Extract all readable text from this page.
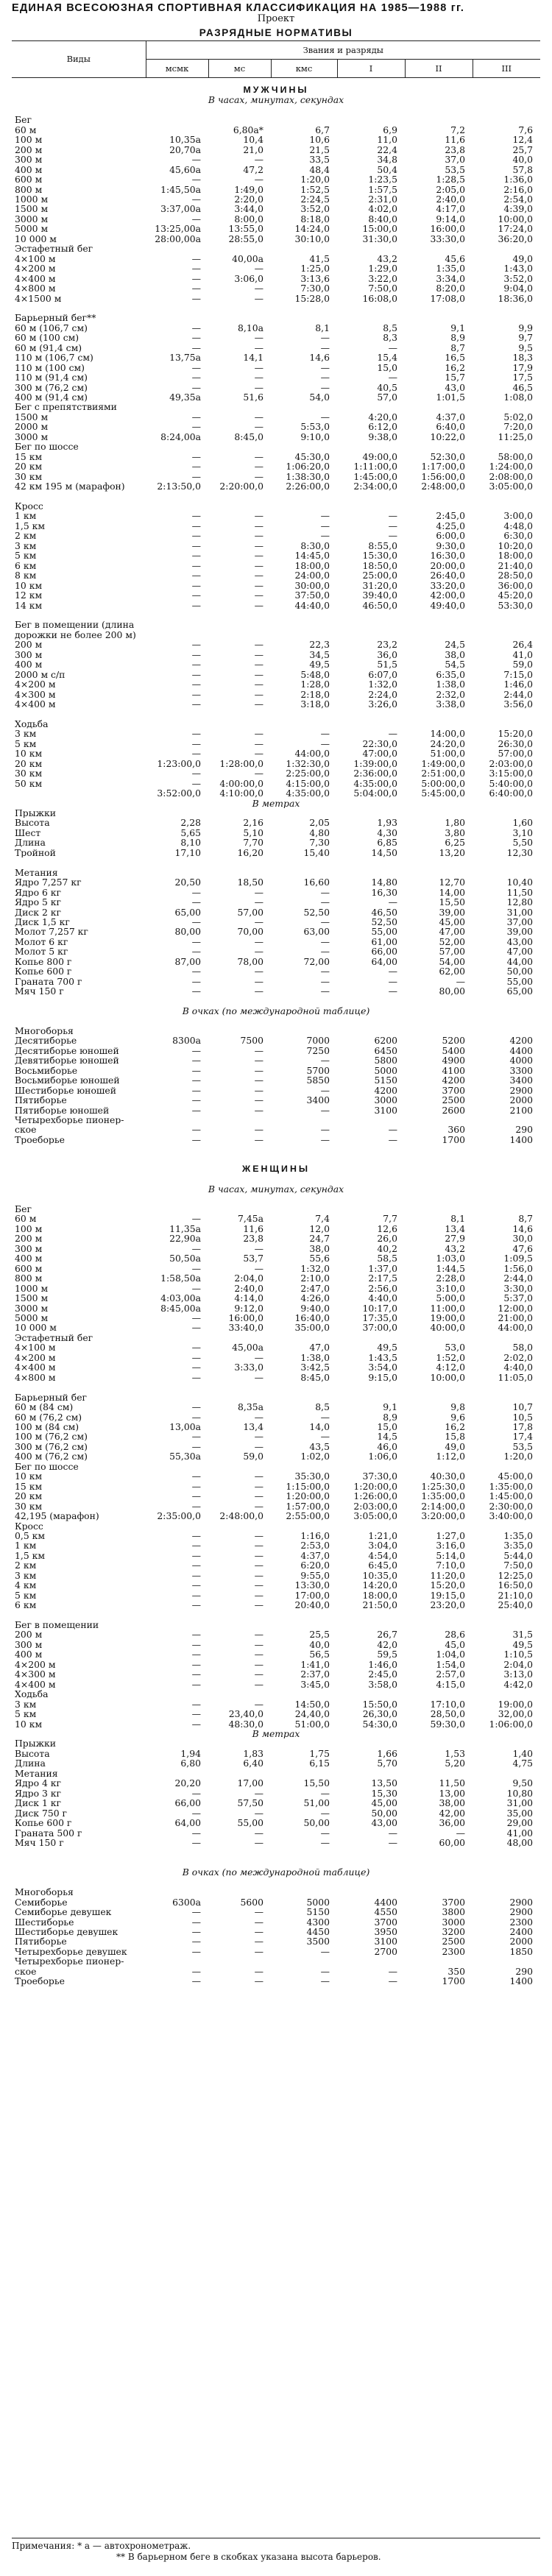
ЕДИНАЯ ВСЕСОЮЗНАЯ СПОРТИВНАЯ КЛАССИФИКАЦИЯ НА 1985—1988 гг.
Проект
РАЗРЯДНЫЕ НОРМАТИВЫ
Виды	Звания и разряды					
	мсмк	мс	кмс	I	II	III
МУЖЧИНЫ						
В часах, минутах, секундах						

Бег						
60 м		6,80а*	6,7	6,9	7,2	7,6
100 м	10,35а	10,4	10,6	11,0	11,6	12,4
200 м	20,70а	21,0	21,5	22,4	23,8	25,7
300 м	—	—	33,5	34,8	37,0	40,0
400 м	45,60а	47,2	48,4	50,4	53,5	57,8
600 м	—	—	1:20,0	1:23,5	1:28,5	1:36,0
800 м	1:45,50а	1:49,0	1:52,5	1:57,5	2:05,0	2:16,0
1000 м	—	2:20,0	2:24,5	2:31,0	2:40,0	2:54,0
1500 м	3:37,00а	3:44,0	3:52,0	4:02,0	4:17,0	4:39,0
3000 м	—	8:00,0	8:18,0	8:40,0	9:14,0	10:00,0
5000 м	13:25,00а	13:55,0	14:24,0	15:00,0	16:00,0	17:24,0
10 000 м	28:00,00а	28:55,0	30:10,0	31:30,0	33:30,0	36:20,0
Эстафетный бег						
4×100 м	—	40,00а	41,5	43,2	45,6	49,0
4×200 м	—	—	1:25,0	1:29,0	1:35,0	1:43,0
4×400 м	—	3:06,0	3:13,6	3:22,0	3:34,0	3:52,0
4×800 м	—	—	7:30,0	7:50,0	8:20,0	9:04,0
4×1500 м	—	—	15:28,0	16:08,0	17:08,0	18:36,0

Барьерный бег**						
60 м (106,7 см)	—	8,10а	8,1	8,5	9,1	9,9
60 м (100 см)	—	—	—	8,3	8,9	9,7
60 м (91,4 см)	—	—	—	—	8,7	9,5
110 м (106,7 см)	13,75а	14,1	14,6	15,4	16,5	18,3
110 м (100 см)	—	—	—	15,0	16,2	17,9
110 м (91,4 см)	—	—	—	—	15,7	17,5
300 м (76,2 см)	—	—	—	40,5	43,0	46,5
400 м (91,4 см)	49,35а	51,6	54,0	57,0	1:01,5	1:08,0
Бег с препятствиями						
1500 м	—	—	—	4:20,0	4:37,0	5:02,0
2000 м	—	—	5:53,0	6:12,0	6:40,0	7:20,0
3000 м	8:24,00а	8:45,0	9:10,0	9:38,0	10:22,0	11:25,0
Бег по шоссе						
15 км	—	—	45:30,0	49:00,0	52:30,0	58:00,0
20 км	—	—	1:06:20,0	1:11:00,0	1:17:00,0	1:24:00,0
30 км	—	—	1:38:30,0	1:45:00,0	1:56:00,0	2:08:00,0
42 км 195 м (марафон)	2:13:50,0	2:20:00,0	2:26:00,0	2:34:00,0	2:48:00,0	3:05:00,0

Кросс						
1 км	—	—	—	—	2:45,0	3:00,0
1,5 км	—	—	—	—	4:25,0	4:48,0
2 км	—	—	—	—	6:00,0	6:30,0
3 км	—	—	8:30,0	8:55,0	9:30,0	10:20,0
5 км	—	—	14:45,0	15:30,0	16:30,0	18:00,0
6 км	—	—	18:00,0	18:50,0	20:00,0	21:40,0
8 км	—	—	24:00,0	25:00,0	26:40,0	28:50,0
10 км	—	—	30:00,0	31:20,0	33:20,0	36:00,0
12 км	—	—	37:50,0	39:40,0	42:00,0	45:20,0
14 км	—	—	44:40,0	46:50,0	49:40,0	53:30,0

Бег в помещении (длина						
дорожки не более 200 м)						
200 м	—	—	22,3	23,2	24,5	26,4
300 м	—	—	34,5	36,0	38,0	41,0
400 м	—	—	49,5	51,5	54,5	59,0
2000 м с/п	—	—	5:48,0	6:07,0	6:35,0	7:15,0
4×200 м	—	—	1:28,0	1:32,0	1:38,0	1:46,0
4×300 м	—	—	2:18,0	2:24,0	2:32,0	2:44,0
4×400 м	—	—	3:18,0	3:26,0	3:38,0	3:56,0

Ходьба						
3 км	—	—	—	—	14:00,0	15:20,0
5 км	—	—	—	22:30,0	24:20,0	26:30,0
10 км	—	—	44:00,0	47:00,0	51:00,0	57:00,0
20 км	1:23:00,0	1:28:00,0	1:32:30,0	1:39:00,0	1:49:00,0	2:03:00,0
30 км	—	—	2:25:00,0	2:36:00,0	2:51:00,0	3:15:00,0
50 км	—	4:00:00,0	4:15:00,0	4:35:00,0	5:00:00,0	5:40:00,0
	3:52:00,0	4:10:00,0	4:35:00,0	5:04:00,0	5:45:00,0	6:40:00,0
В метрах						
Прыжки						
Высота	2,28	2,16	2,05	1,93	1,80	1,60
Шест	5,65	5,10	4,80	4,30	3,80	3,10
Длина	8,10	7,70	7,30	6,85	6,25	5,50
Тройной	17,10	16,20	15,40	14,50	13,20	12,30

Метания						
Ядро 7,257 кг	20,50	18,50	16,60	14,80	12,70	10,40
Ядро 6 кг	—	—	—	16,30	14,00	11,50
Ядро 5 кг	—	—	—	—	15,50	12,80
Диск 2 кг	65,00	57,00	52,50	46,50	39,00	31,00
Диск 1,5 кг	—	—	—	52,50	45,00	37,00
Молот 7,257 кг	80,00	70,00	63,00	55,00	47,00	39,00
Молот 6 кг	—	—	—	61,00	52,00	43,00
Молот 5 кг	—	—	—	66,00	57,00	47,00
Копье 800 г	87,00	78,00	72,00	64,00	54,00	44,00
Копье 600 г	—	—	—	—	62,00	50,00
Граната 700 г	—	—	—	—	—	55,00
Мяч 150 г	—	—	—	—	80,00	65,00

В очках (по международной таблице)						

Многоборья						
Десятиборье	8300а	7500	7000	6200	5200	4200
Десятиборье юношей	—	—	7250	6450	5400	4400
Девятиборье юношей	—	—	—	5800	4900	4000
Восьмиборье	—	—	5700	5000	4100	3300
Восьмиборье юношей	—	—	5850	5150	4200	3400
Шестиборье юношей	—	—	—	4200	3700	2900
Пятиборье	—	—	3400	3000	2500	2000
Пятиборье юношей	—	—	—	3100	2600	2100
Четырехборье пионер-						
ское	—	—	—	—	360	290
Троеборье	—	—	—	—	1700	1400

ЖЕНЩИНЫ						

В часах, минутах, секундах						

Бег						
60 м	—	7,45а	7,4	7,7	8,1	8,7
100 м	11,35а	11,6	12,0	12,6	13,4	14,6
200 м	22,90а	23,8	24,7	26,0	27,9	30,0
300 м	—	—	38,0	40,2	43,2	47,6
400 м	50,50а	53,7	55,6	58,5	1:03,0	1:09,5
600 м	—	—	1:32,0	1:37,0	1:44,5	1:56,0
800 м	1:58,50а	2:04,0	2:10,0	2:17,5	2:28,0	2:44,0
1000 м	—	2:40,0	2:47,0	2:56,0	3:10,0	3:30,0
1500 м	4:03,00а	4:14,0	4:26,0	4:40,0	5:00,0	5:37,0
3000 м	8:45,00а	9:12,0	9:40,0	10:17,0	11:00,0	12:00,0
5000 м	—	16:00,0	16:40,0	17:35,0	19:00,0	21:00,0
10 000 м	—	33:40,0	35:00,0	37:00,0	40:00,0	44:00,0
Эстафетный бег						
4×100 м	—	45,00а	47,0	49,5	53,0	58,0
4×200 м	—	—	1:38,0	1:43,5	1:52,0	2:02,0
4×400 м	—	3:33,0	3:42,5	3:54,0	4:12,0	4:40,0
4×800 м	—	—	8:45,0	9:15,0	10:00,0	11:05,0

Барьерный бег						
60 м (84 см)	—	8,35а	8,5	9,1	9,8	10,7
60 м (76,2 см)	—	—	—	8,9	9,6	10,5
100 м (84 см)	13,00а	13,4	14,0	15,0	16,2	17,8
100 м (76,2 см)	—	—	—	14,5	15,8	17,4
300 м (76,2 см)	—	—	43,5	46,0	49,0	53,5
400 м (76,2 см)	55,30а	59,0	1:02,0	1:06,0	1:12,0	1:20,0
Бег по шоссе						
10 км	—	—	35:30,0	37:30,0	40:30,0	45:00,0
15 км	—	—	1:15:00,0	1:20:00,0	1:25:30,0	1:35:00,0
20 км	—	—	1:20:00,0	1:26:00,0	1:35:00,0	1:45:00,0
30 км	—	—	1:57:00,0	2:03:00,0	2:14:00,0	2:30:00,0
42,195 (марафон)	2:35:00,0	2:48:00,0	2:55:00,0	3:05:00,0	3:20:00,0	3:40:00,0
Кросс						
0,5 км	—	—	1:16,0	1:21,0	1:27,0	1:35,0
1 км	—	—	2:53,0	3:04,0	3:16,0	3:35,0
1,5 км	—	—	4:37,0	4:54,0	5:14,0	5:44,0
2 км	—	—	6:20,0	6:45,0	7:10,0	7:50,0
3 км	—	—	9:55,0	10:35,0	11:20,0	12:25,0
4 км	—	—	13:30,0	14:20,0	15:20,0	16:50,0
5 км	—	—	17:00,0	18:00,0	19:15,0	21:10,0
6 км	—	—	20:40,0	21:50,0	23:20,0	25:40,0

Бег в помещении						
200 м	—	—	25,5	26,7	28,6	31,5
300 м	—	—	40,0	42,0	45,0	49,5
400 м	—	—	56,5	59,5	1:04,0	1:10,5
4×200 м	—	—	1:41,0	1:46,0	1:54,0	2:04,0
4×300 м	—	—	2:37,0	2:45,0	2:57,0	3:13,0
4×400 м	—	—	3:45,0	3:58,0	4:15,0	4:42,0
Ходьба						
3 км	—	—	14:50,0	15:50,0	17:10,0	19:00,0
5 км	—	23,40,0	24,40,0	26,30,0	28,50,0	32,00,0
10 км	—	48:30,0	51:00,0	54:30,0	59:30,0	1:06:00,0
В метрах						
Прыжки						
Высота	1,94	1,83	1,75	1,66	1,53	1,40
Длина	6,80	6,40	6,15	5,70	5,20	4,75
Метания						
Ядро 4 кг	20,20	17,00	15,50	13,50	11,50	9,50
Ядро 3 кг	—	—	—	15,30	13,00	10,80
Диск 1 кг	66,00	57,50	51,00	45,00	38,00	31,00
Диск 750 г	—	—	—	50,00	42,00	35,00
Копье 600 г	64,00	55,00	50,00	43,00	36,00	29,00
Граната 500 г	—	—	—	—	—	41,00
Мяч 150 г	—	—	—	—	60,00	48,00

В очках (по международной таблице)						

Многоборья						
Семиборье	6300а	5600	5000	4400	3700	2900
Семиборье девушек	—	—	5150	4550	3800	2900
Шестиборье	—	—	4300	3700	3000	2300
Шестиборье девушек	—	—	4450	3950	3200	2400
Пятиборье	—	—	3500	3100	2500	2000
Четырехборье девушек	—	—	—	2700	2300	1850
Четырехборье пионер-						
ское	—	—	—	—	350	290
Троеборье	—	—	—	—	1700	1400
Примечания: * а — автохронометраж.

** В барьерном беге в скобках указана высота барьеров.
